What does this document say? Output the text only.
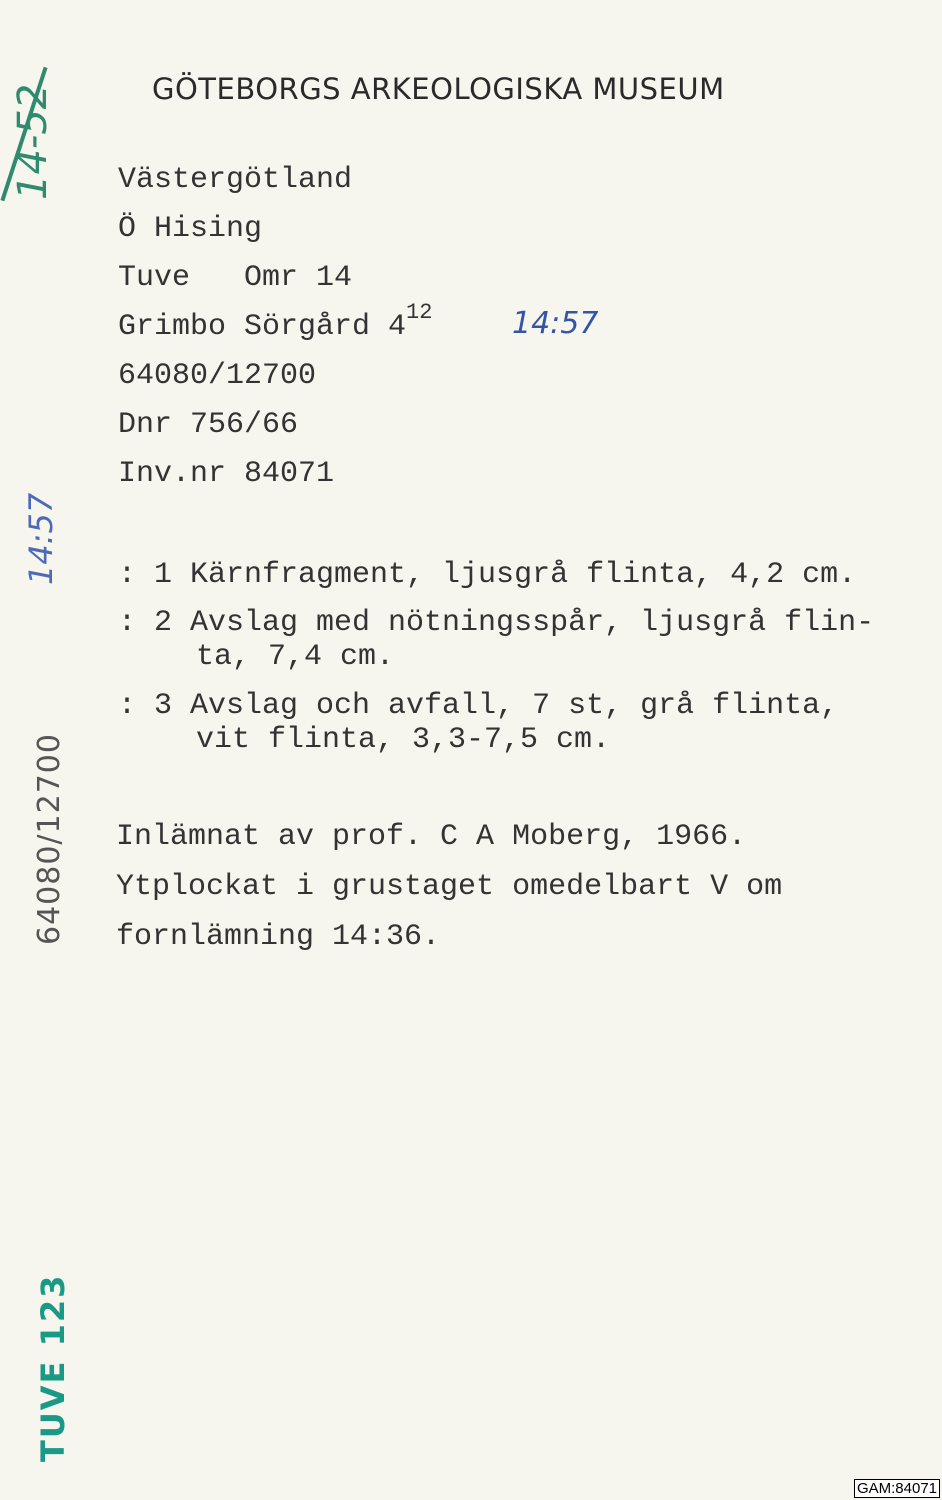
GÖTEBORGS ARKEOLOGISKA MUSEUM
Västergötland
Ö Hising
Tuve Omr 14
Grimbo Sörgård $4^{12}$	14:57
64080/12700
Dnr 756/66
Inv.nr 84071
: 1 Kärnfragment, ljusgrå flinta, 4,2 cm.
: 2 Avslag med nötningsspår, ljusgrå flin-
ta, 7,4 cm.
: 3 Avslag och avfall, 7 st, grå flinta,
vit flinta, 3,3-7,5 cm.
Inlämnat av prof. C A Moberg, 1966.
Ytplockat i grustaget omedelbart V om
fornlämning 14:36.
14-52
14:57
64080/12700
TUVE 123
GAM:84071
